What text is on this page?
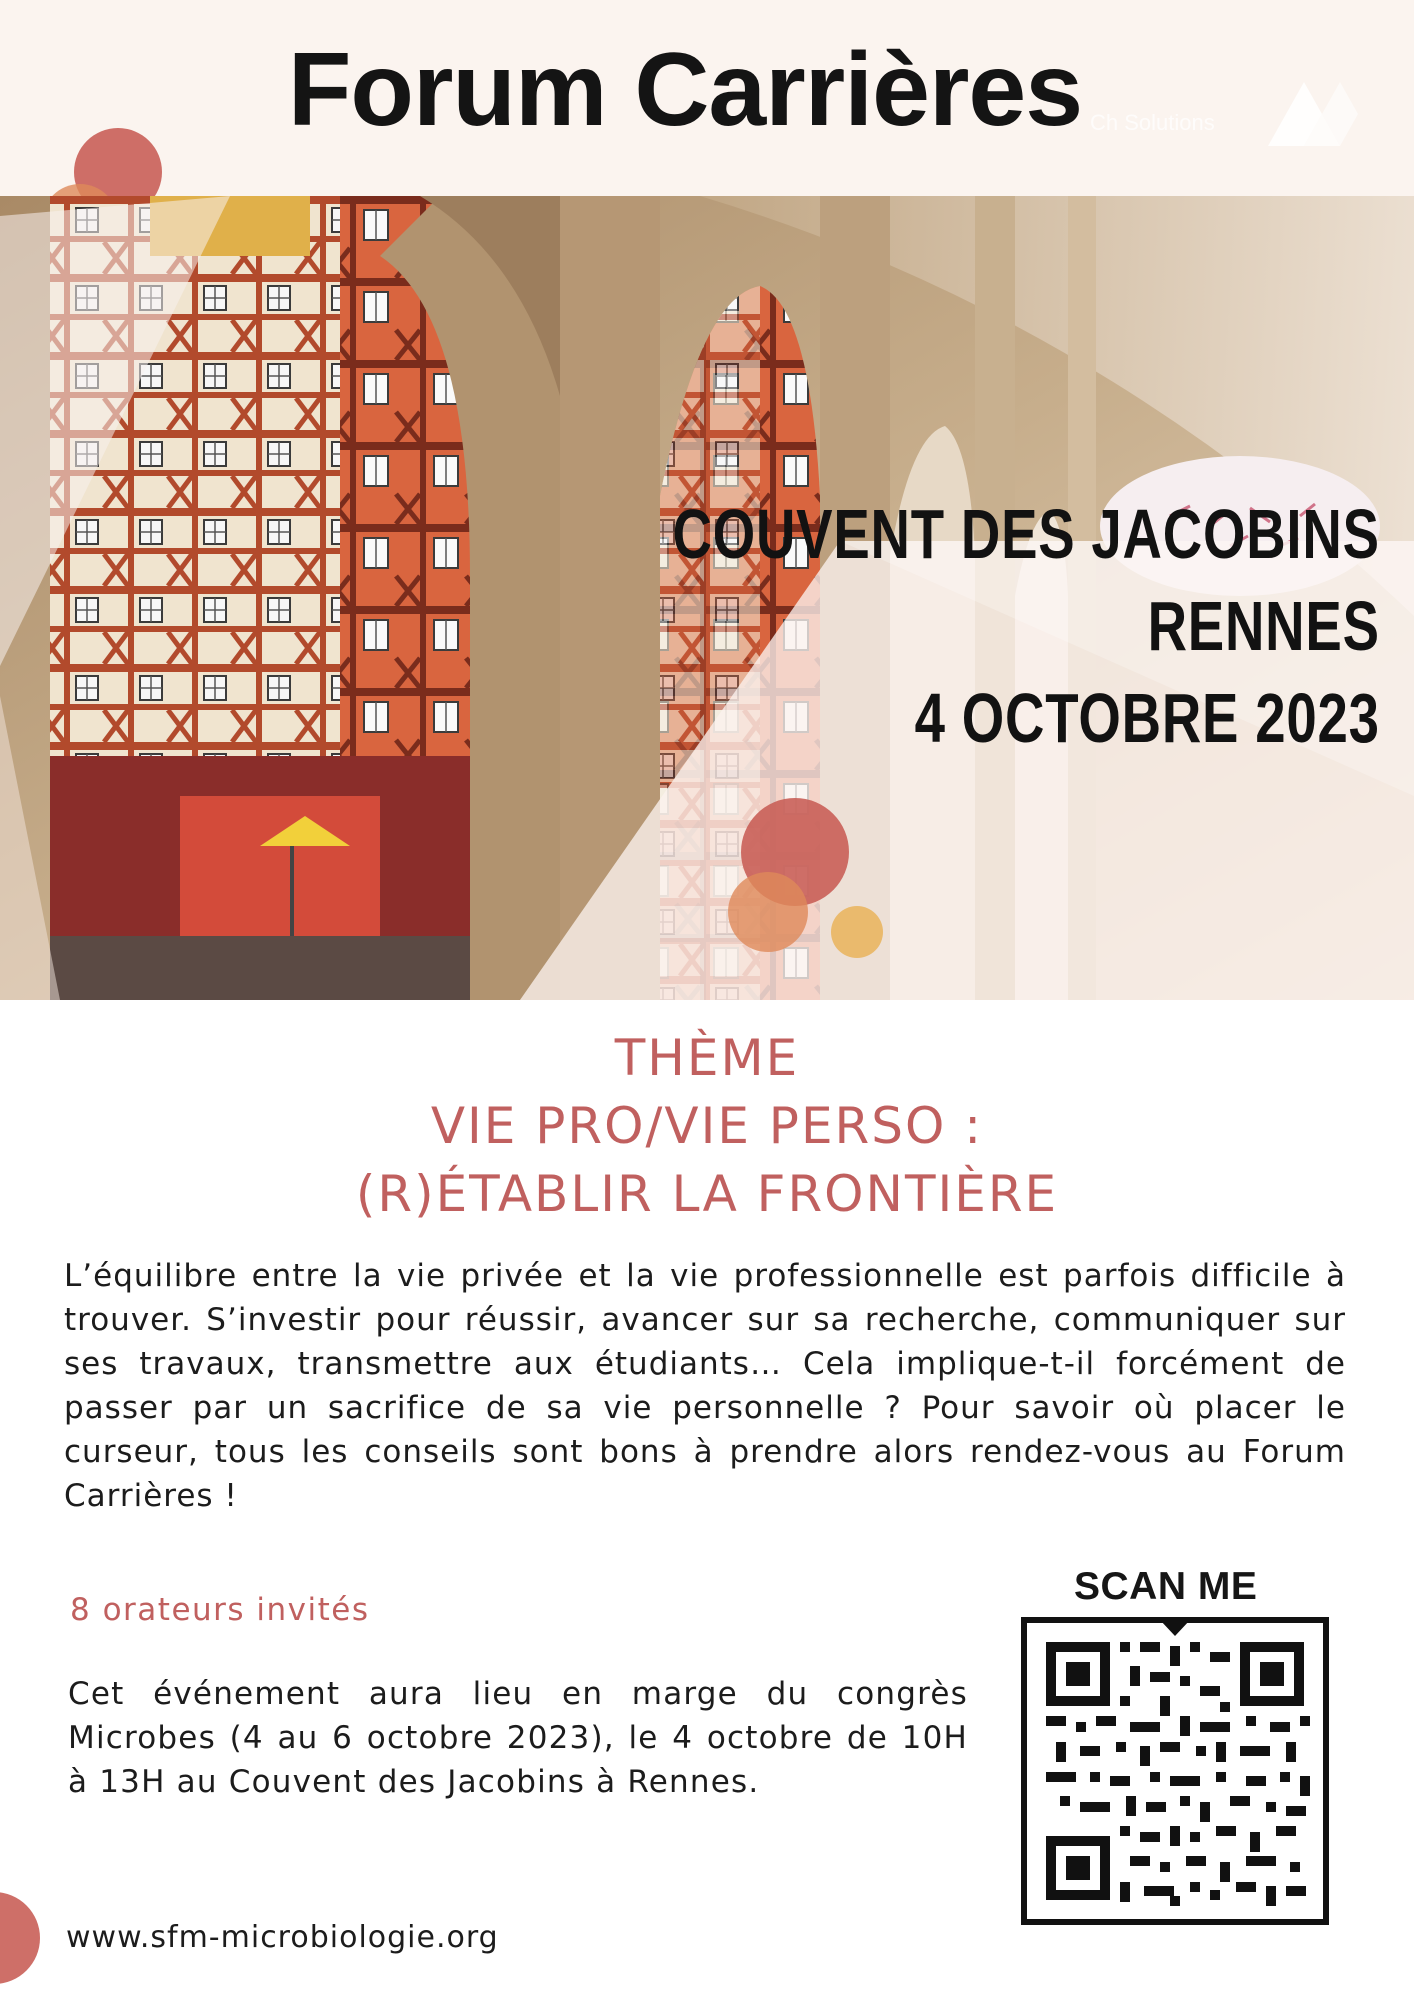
Forum Carrières Ch Solutions
COUVENT DES JACOBINS
RENNES
4 OCTOBRE 2023
THÈME
VIE PRO/VIE PERSO :
(R)ÉTABLIR LA FRONTIÈRE

L’équilibre entre la vie privée et la vie professionnelle est parfois difficile à trouver. S’investir pour réussir, avancer sur sa recherche, communiquer sur ses travaux, transmettre aux étudiants… Cela implique-t-il forcément de passer par un sacrifice de sa vie personnelle ? Pour savoir où placer le curseur, tous les conseils sont bons à prendre alors rendez-vous au Forum Carrières !

8 orateurs invités

Cet événement aura lieu en marge du congrès Microbes (4 au 6 octobre 2023), le 4 octobre de 10H à 13H au Couvent des Jacobins à Rennes.

SCAN ME
www.sfm-microbiologie.org
